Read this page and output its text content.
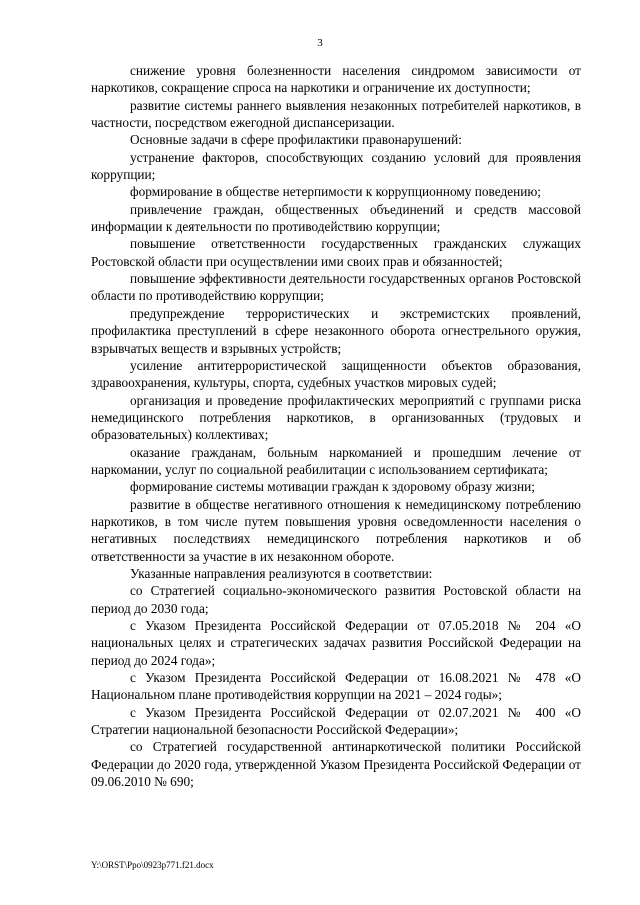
3

снижение уровня болезненности населения синдромом зависимости от наркотиков, сокращение спроса на наркотики и ограничение их доступности;

развитие системы раннего выявления незаконных потребителей наркотиков, в частности, посредством ежегодной диспансеризации.

Основные задачи в сфере профилактики правонарушений:

устранение факторов, способствующих созданию условий для проявления коррупции;

формирование в обществе нетерпимости к коррупционному поведению;

привлечение граждан, общественных объединений и средств массовой информации к деятельности по противодействию коррупции;

повышение ответственности государственных гражданских служащих Ростовской области при осуществлении ими своих прав и обязанностей;

повышение эффективности деятельности государственных органов Ростовской области по противодействию коррупции;

предупреждение террористических и экстремистских проявлений, профилактика преступлений в сфере незаконного оборота огнестрельного оружия, взрывчатых веществ и взрывных устройств;

усиление антитеррористической защищенности объектов образования, здравоохранения, культуры, спорта, судебных участков мировых судей;

организация и проведение профилактических мероприятий с группами риска немедицинского потребления наркотиков, в организованных (трудовых и образовательных) коллективах;

оказание гражданам, больным наркоманией и прошедшим лечение от наркомании, услуг по социальной реабилитации с использованием сертификата;

формирование системы мотивации граждан к здоровому образу жизни;

развитие в обществе негативного отношения к немедицинскому потреблению наркотиков, в том числе путем повышения уровня осведомленности населения о негативных последствиях немедицинского потребления наркотиков и об ответственности за участие в их незаконном обороте.

Указанные направления реализуются в соответствии:

со Стратегией социально-экономического развития Ростовской области на период до 2030 года;

с Указом Президента Российской Федерации от 07.05.2018 № 204 «О национальных целях и стратегических задачах развития Российской Федерации на период до 2024 года»;

с Указом Президента Российской Федерации от 16.08.2021 № 478 «О Национальном плане противодействия коррупции на 2021 – 2024 годы»;

с Указом Президента Российской Федерации от 02.07.2021 № 400 «О Стратегии национальной безопасности Российской Федерации»;

со Стратегией государственной антинаркотической политики Российской Федерации до 2020 года, утвержденной Указом Президента Российской Федерации от 09.06.2010 № 690;

Y:\ORST\Ppo\0923p771.f21.docx
